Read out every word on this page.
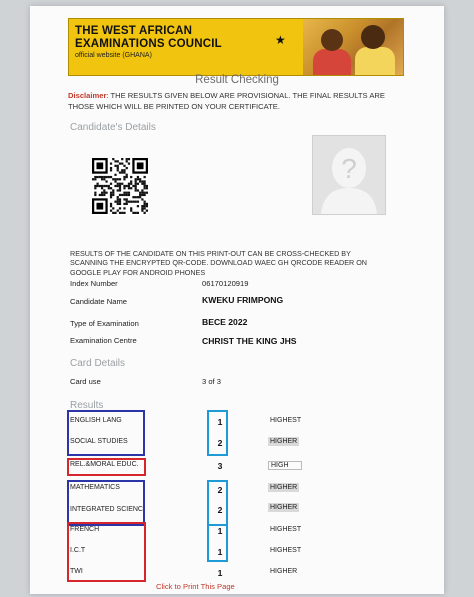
THE WEST AFRICAN
EXAMINATIONS COUNCIL
official website (GHANA)
★
Result Checking
Disclaimer: THE RESULTS GIVEN BELOW ARE PROVISIONAL. THE FINAL RESULTS ARE THOSE WHICH WILL BE PRINTED ON YOUR CERTIFICATE.
Candidate's Details
?
RESULTS OF THE CANDIDATE ON THIS PRINT-OUT CAN BE CROSS-CHECKED BY SCANNING THE ENCRYPTED QR-CODE. DOWNLOAD WAEC GH QRCODE READER ON GOOGLE PLAY FOR ANDROID PHONES
Index Number	06170120919
Candidate Name	KWEKU FRIMPONG
Type of Examination	BECE 2022
Examination Centre	CHRIST THE KING JHS
Card Details
Card use	3 of 3
Results
ENGLISH LANG	1	HIGHEST
SOCIAL STUDIES	2	HIGHER
REL.&MORAL EDUC.	3	HIGH
MATHEMATICS	2	HIGHER
INTEGRATED SCIENC	2	HIGHER
FRENCH	1	HIGHEST
I.C.T	1	HIGHEST
TWI	1	HIGHER
Click to Print This Page
